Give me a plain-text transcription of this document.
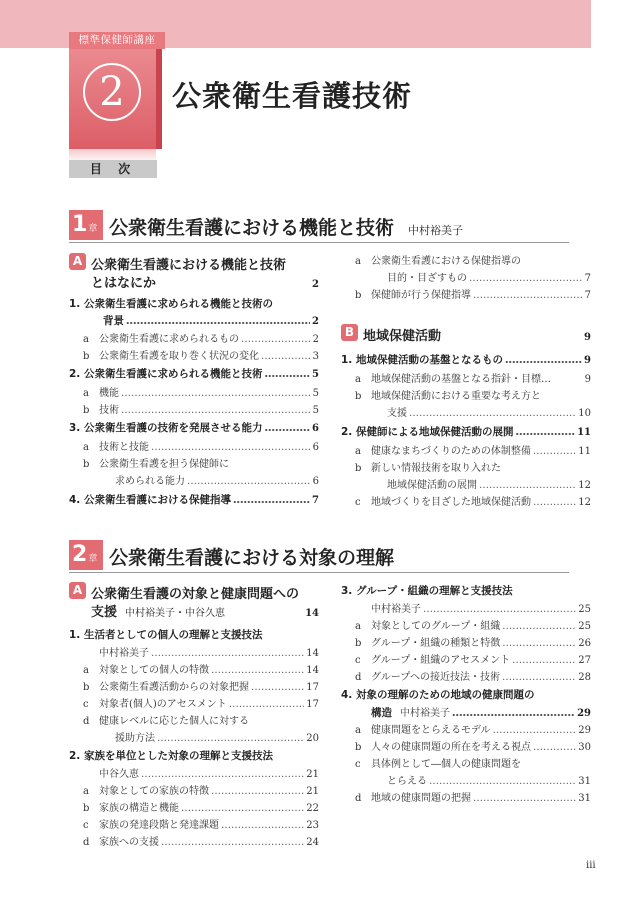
標準保健師講座
2	公衆衛生看護技術
目 次
1章 公衆衛生看護における機能と技術 中村裕美子
A 公衆衛生看護における機能と技術
とはなにか	2
1. 公衆衛生看護に求められる機能と技術の
背景 ………………………………………………………………………………………………………………………	2
a 公衆衛生看護に求められるもの ………………………………………………………………………………………………………………………	2
b 公衆衛生看護を取り巻く状況の変化 ………………………………………………………………………………………………………………………	3
2. 公衆衛生看護に求められる機能と技術 ………………………………………………………………………………………………………………………	5
a 機能 ………………………………………………………………………………………………………………………	5
b 技術 ………………………………………………………………………………………………………………………	5
3. 公衆衛生看護の技術を発展させる能力 ………………………………………………………………………………………………………………………	6
a 技術と技能 ………………………………………………………………………………………………………………………	6
b 公衆衛生看護を担う保健師に
求められる能力 ………………………………………………………………………………………………………………………	6
4. 公衆衛生看護における保健指導 ………………………………………………………………………………………………………………………	7
a 公衆衛生看護における保健指導の
目的・目ざすもの ………………………………………………………………………………………………………………………	7
b 保健師が行う保健指導 ………………………………………………………………………………………………………………………	7
B 地域保健活動	9
1. 地域保健活動の基盤となるもの ………………………………………………………………………………………………………………………	9
a 地域保健活動の基盤となる指針・目標…	9
b 地域保健活動における重要な考え方と
支援 ………………………………………………………………………………………………………………………	10
2. 保健師による地域保健活動の展開 ………………………………………………………………………………………………………………………	11
a 健康なまちづくりのための体制整備 ………………………………………………………………………………………………………………………	11
b 新しい情報技術を取り入れた
地域保健活動の展開 ………………………………………………………………………………………………………………………	12
c 地域づくりを目ざした地域保健活動 ………………………………………………………………………………………………………………………	12
2章 公衆衛生看護における対象の理解
A 公衆衛生看護の対象と健康問題への
支援 中村裕美子・中谷久恵	14
1. 生活者としての個人の理解と支援技法
中村裕美子 ………………………………………………………………………………………………………………………	14
a 対象としての個人の特徴 ………………………………………………………………………………………………………………………	14
b 公衆衛生看護活動からの対象把握 ………………………………………………………………………………………………………………………	17
c 対象者(個人)のアセスメント ………………………………………………………………………………………………………………………	17
d 健康レベルに応じた個人に対する
援助方法 ………………………………………………………………………………………………………………………	20
2. 家族を単位とした対象の理解と支援技法
中谷久恵 ………………………………………………………………………………………………………………………	21
a 対象としての家族の特徴 ………………………………………………………………………………………………………………………	21
b 家族の構造と機能 ………………………………………………………………………………………………………………………	22
c 家族の発達段階と発達課題 ………………………………………………………………………………………………………………………	23
d 家族への支援 ………………………………………………………………………………………………………………………	24
3. グループ・組織の理解と支援技法
中村裕美子 ………………………………………………………………………………………………………………………	25
a 対象としてのグループ・組織 ………………………………………………………………………………………………………………………	25
b グループ・組織の種類と特徴 ………………………………………………………………………………………………………………………	26
c グループ・組織のアセスメント ………………………………………………………………………………………………………………………	27
d グループへの接近技法・技術 ………………………………………………………………………………………………………………………	28
4. 対象の理解のための地域の健康問題の
構造 中村裕美子 ………………………………………………………………………………………………………………………	29
a 健康問題をとらえるモデル ………………………………………………………………………………………………………………………	29
b 人々の健康問題の所在を考える視点 ………………………………………………………………………………………………………………………	30
c 具体例として―個人の健康問題を
とらえる ………………………………………………………………………………………………………………………	31
d 地域の健康問題の把握 ………………………………………………………………………………………………………………………	31
iii
